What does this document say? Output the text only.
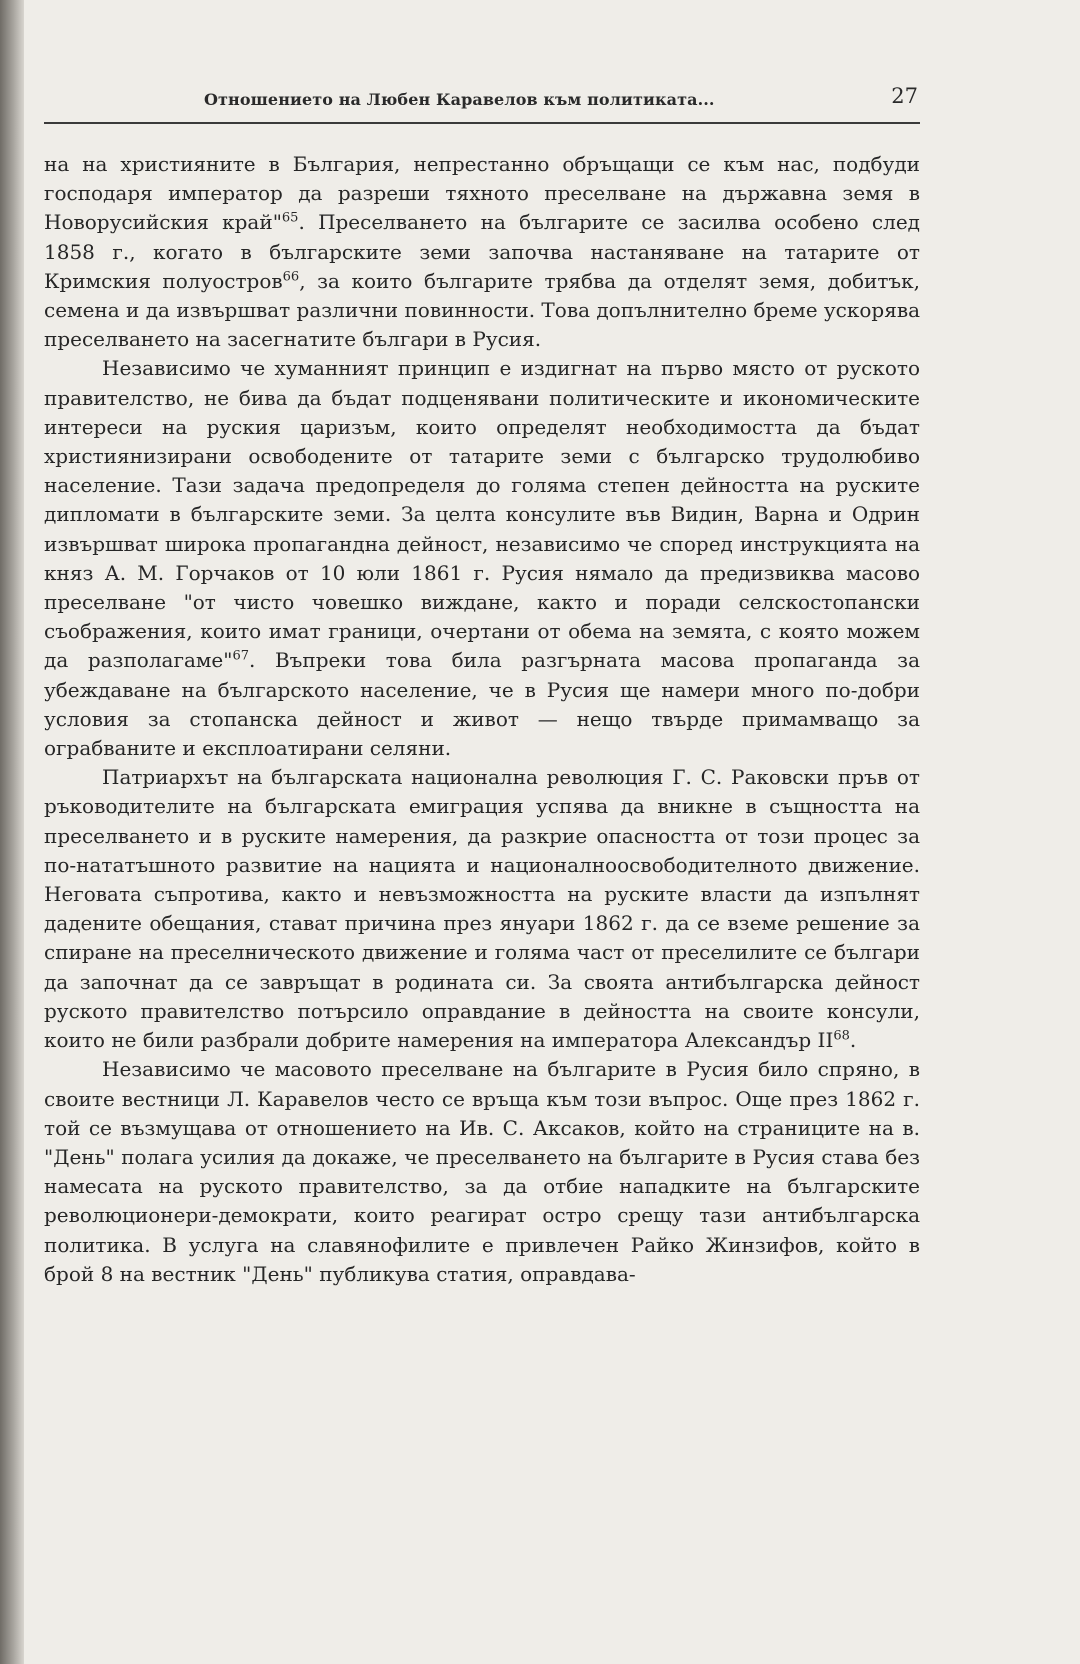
Отношението на Любен Каравелов към политиката...	27

на на християните в България, непрестанно обръщащи се към нас, подбуди господаря император да разреши тяхното преселване на държавна земя в Новорусийския край"$^{65}$. Преселването на българите се засилва особено след 1858 г., когато в българските земи започва настаняване на татарите от Кримския полуостров$^{66}$, за които българите трябва да отделят земя, добитък, семена и да извършват различни повинности. Това допълнително бреме ускорява преселването на засегнатите българи в Русия.

Независимо че хуманният принцип е издигнат на първо място от руското правителство, не бива да бъдат подценявани политическите и икономическите интереси на руския царизъм, които определят необходимостта да бъдат християнизирани освободените от татарите земи с българско трудолюбиво население. Тази задача предопределя до голяма степен дейността на руските дипломати в българските земи. За целта консулите във Видин, Варна и Одрин извършват широка пропагандна дейност, независимо че според инструкцията на княз А. М. Горчаков от 10 юли 1861 г. Русия нямало да предизвиква масово преселване "от чисто човешко виждане, както и поради селскостопански съображения, които имат граници, очертани от обема на земята, с която можем да разполагаме"$^{67}$. Въпреки това била разгърната масова пропаганда за убеждаване на българското население, че в Русия ще намери много по-добри условия за стопанска дейност и живот — нещо твърде примамващо за ограбваните и експлоатирани селяни.

Патриархът на българската национална революция Г. С. Раковски пръв от ръководителите на българската емиграция успява да вникне в същността на преселването и в руските намерения, да разкрие опасността от този процес за по-нататъшното развитие на нацията и националноосвободителното движение. Неговата съпротива, както и невъзможността на руските власти да изпълнят дадените обещания, стават причина през януари 1862 г. да се вземе решение за спиране на преселническото движение и голяма част от преселилите се българи да започнат да се завръщат в родината си. За своята антибългарска дейност руското правителство потърсило оправдание в дейността на своите консули, които не били разбрали добрите намерения на императора Александър II$^{68}$.

Независимо че масовото преселване на българите в Русия било спряно, в своите вестници Л. Каравелов често се връща към този въпрос. Още през 1862 г. той се възмущава от отношението на Ив. С. Аксаков, който на страниците на в. "День" полага усилия да докаже, че преселването на българите в Русия става без намесата на руското правителство, за да отбие нападките на българските революционери-демократи, които реагират остро срещу тази антибългарска политика. В услуга на славянофилите е привлечен Райко Жинзифов, който в брой 8 на вестник "День" публикува статия, оправдава-
